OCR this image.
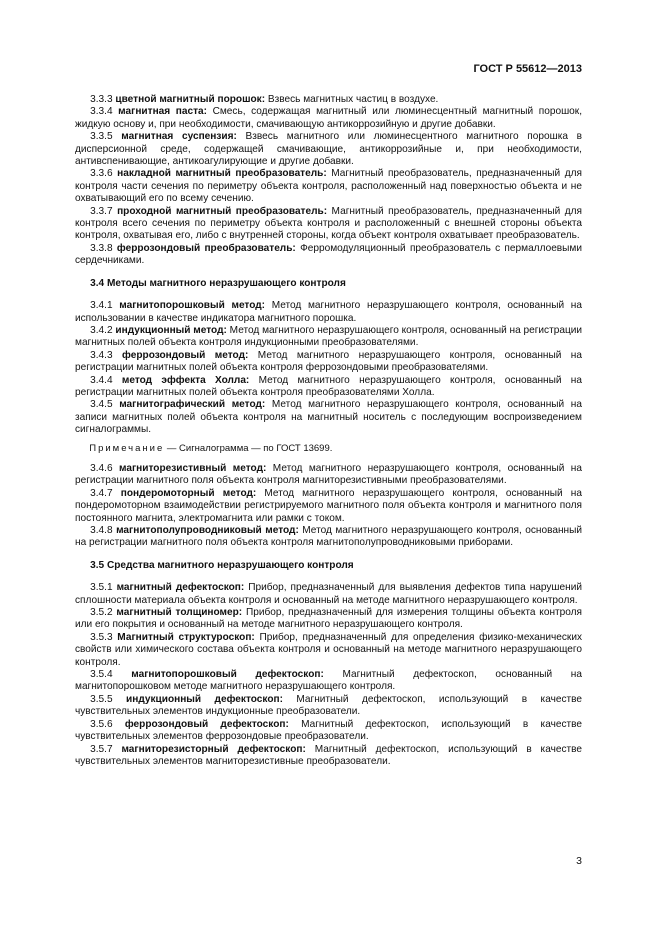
ГОСТ Р 55612—2013

  3.3.3 цветной магнитный порошок: Взвесь магнитных частиц в воздухе.

  3.3.4 магнитная паста: Смесь, содержащая магнитный или люминесцентный магнитный порошок, жидкую основу и, при необходимости, смачивающую антикоррозийную и другие добавки.

  3.3.5 магнитная суспензия: Взвесь магнитного или люминесцентного магнитного порошка в дисперсионной среде, содержащей смачивающие, антикоррозийные и, при необходимости, антивспенивающие, антикоагулирующие и другие добавки.

  3.3.6 накладной магнитный преобразователь: Магнитный преобразователь, предназначенный для контроля части сечения по периметру объекта контроля, расположенный над поверхностью объекта и не охватывающий его по всему сечению.

  3.3.7 проходной магнитный преобразователь: Магнитный преобразователь, предназначенный для контроля всего сечения по периметру объекта контроля и расположенный с внешней стороны объекта контроля, охватывая его, либо с внутренней стороны, когда объект контроля охватывает преобразователь.

  3.3.8 феррозондовый преобразователь: Ферромодуляционный преобразователь с пермаллоевыми сердечниками.

  3.4 Методы магнитного неразрушающего контроля

  3.4.1 магнитопорошковый метод: Метод магнитного неразрушающего контроля, основанный на использовании в качестве индикатора магнитного порошка.

  3.4.2 индукционный метод: Метод магнитного неразрушающего контроля, основанный на регистрации магнитных полей объекта контроля индукционными преобразователями.

  3.4.3 феррозондовый метод: Метод магнитного неразрушающего контроля, основанный на регистрации магнитных полей объекта контроля феррозондовыми преобразователями.

  3.4.4 метод эффекта Холла: Метод магнитного неразрушающего контроля, основанный на регистрации магнитных полей объекта контроля преобразователями Холла.

  3.4.5 магнитографический метод: Метод магнитного неразрушающего контроля, основанный на записи магнитных полей объекта контроля на магнитный носитель с последующим воспроизведением сигналограммы.

  Примечание — Сигналограмма — по ГОСТ 13699.

  3.4.6 магниторезистивный метод: Метод магнитного неразрушающего контроля, основанный на регистрации магнитного поля объекта контроля магниторезистивными преобразователями.

  3.4.7 пондеромоторный метод: Метод магнитного неразрушающего контроля, основанный на пондеромоторном взаимодействии регистрируемого магнитного поля объекта контроля и магнитного поля постоянного магнита, электромагнита или рамки с током.

  3.4.8 магнитополупроводниковый метод: Метод магнитного неразрушающего контроля, основанный на регистрации магнитного поля объекта контроля магнитополупроводниковыми приборами.

  3.5 Средства магнитного неразрушающего контроля

  3.5.1 магнитный дефектоскоп: Прибор, предназначенный для выявления дефектов типа нарушений сплошности материала объекта контроля и основанный на методе магнитного неразрушающего контроля.

  3.5.2 магнитный толщиномер: Прибор, предназначенный для измерения толщины объекта контроля или его покрытия и основанный на методе магнитного неразрушающего контроля.

  3.5.3 Магнитный структуроскоп: Прибор, предназначенный для определения физико-механических свойств или химического состава объекта контроля и основанный на методе магнитного неразрушающего контроля.

  3.5.4 магнитопорошковый дефектоскоп: Магнитный дефектоскоп, основанный на магнитопорошковом методе магнитного неразрушающего контроля.

  3.5.5 индукционный дефектоскоп: Магнитный дефектоскоп, использующий в качестве чувствительных элементов индукционные преобразователи.

  3.5.6 феррозондовый дефектоскоп: Магнитный дефектоскоп, использующий в качестве чувствительных элементов феррозондовые преобразователи.

  3.5.7 магниторезисторный дефектоскоп: Магнитный дефектоскоп, использующий в качестве чувствительных элементов магниторезистивные преобразователи.

3
